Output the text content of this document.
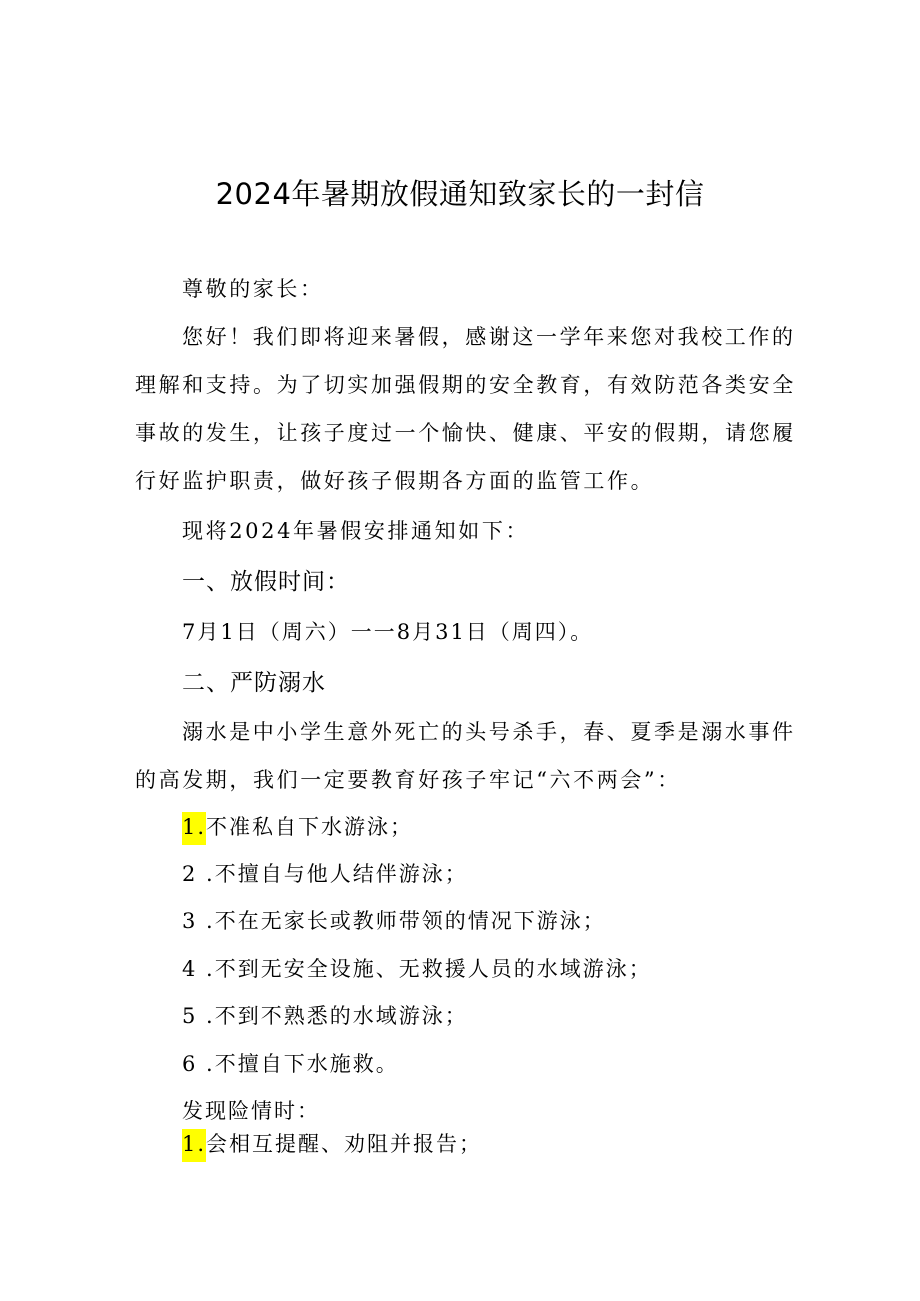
2024年暑期放假通知致家长的一封信
尊敬的家长：
您好！我们即将迎来暑假，感谢这一学年来您对我校工作的
理解和支持。为了切实加强假期的安全教育，有效防范各类安全
事故的发生，让孩子度过一个愉快、健康、平安的假期，请您履
行好监护职责，做好孩子假期各方面的监管工作。
现将2024年暑假安排通知如下：
一、放假时间：
7月1日（周六）一一8月31日（周四）。
二、严防溺水
溺水是中小学生意外死亡的头号杀手，春、夏季是溺水事件
的高发期，我们一定要教育好孩子牢记“六不两会”：
1.不准私自下水游泳；
2 .不擅自与他人结伴游泳；
3 .不在无家长或教师带领的情况下游泳；
4 .不到无安全设施、无救援人员的水域游泳；
5 .不到不熟悉的水域游泳；
6 .不擅自下水施救。
发现险情时：
1.会相互提醒、劝阻并报告；
